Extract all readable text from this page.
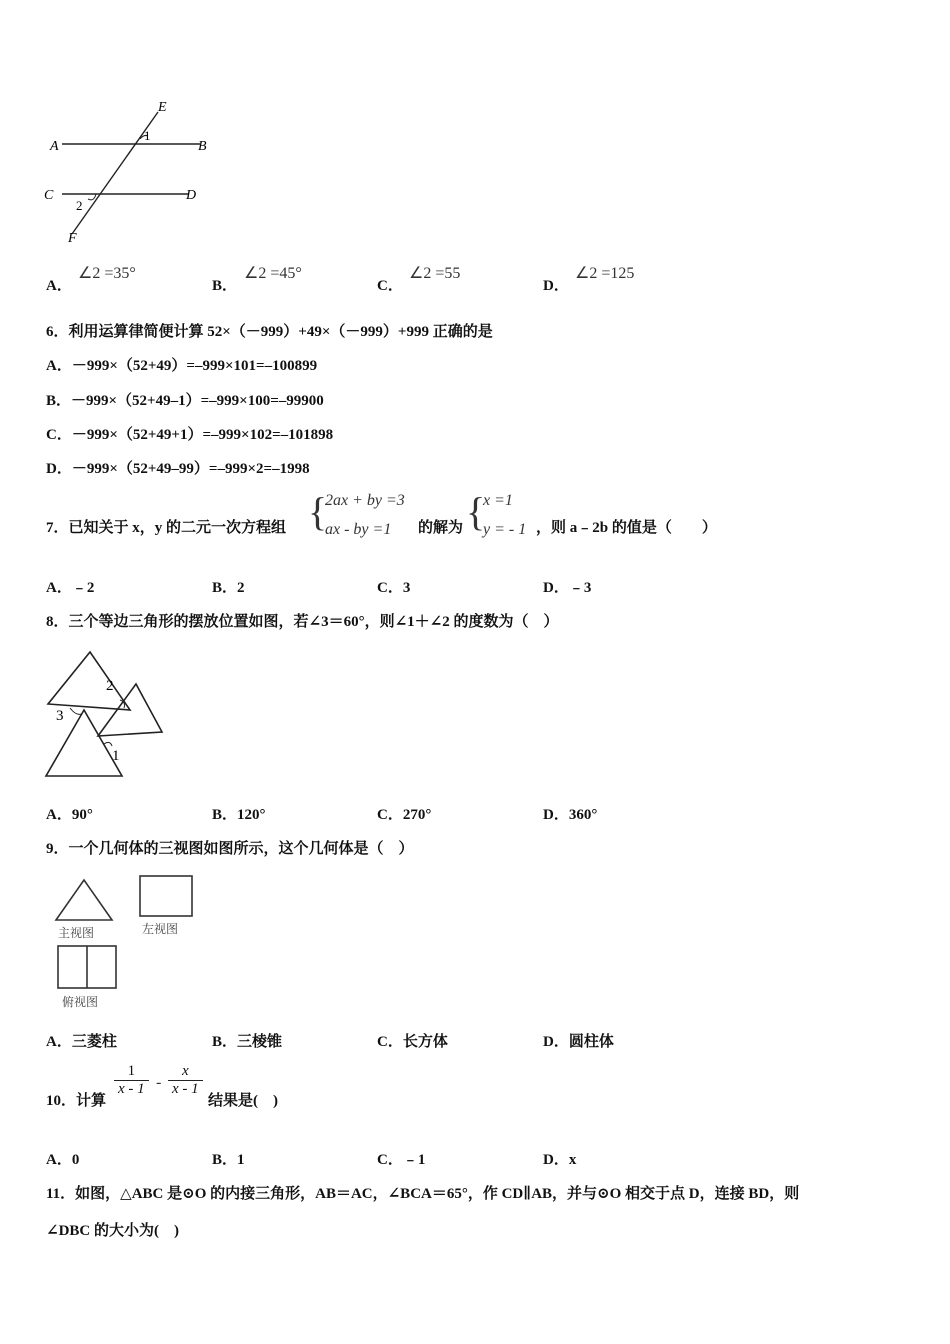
E
A	B
C	D
F
1
2
A．
∠2 =35°
B．
∠2 =45°
C．
∠2 =55
D．
∠2 =125
6．利用运算律简便计算 52×（－999）+49×（－999）+999 正确的是
A．－999×（52+49）=–999×101=–100899
B．－999×（52+49–1）=–999×100=–99900
C．－999×（52+49+1）=–999×102=–101898
D．－999×（52+49–99）=–999×2=–1998
7．已知关于 x，y 的二元一次方程组 {
2ax + by =3
ax - by =1 的解为 {
x =1
y = - 1 ，则 a﹣2b 的值是（　　）
A．﹣2	B．2	C．3	D．﹣3
8．三个等边三角形的摆放位置如图，若∠3＝60°，则∠1＋∠2 的度数为（　）
3
2
1
A．90°	B．120°	C．270°	D．360°
9．一个几何体的三视图如图所示，这个几何体是（　）
主视图	左视图
俯视图
A．三菱柱	B．三棱锥	C．长方体	D．圆柱体
10．计算
$\frac{1}{x - 1} - \frac{x}{x - 1}$
结果是(　)
A．0	B．1	C．﹣1	D．x
11．如图，△ABC 是⊙O 的内接三角形，AB＝AC，∠BCA＝65°，作 CD∥AB，并与⊙O 相交于点 D，连接 BD，则
∠DBC 的大小为(　)
